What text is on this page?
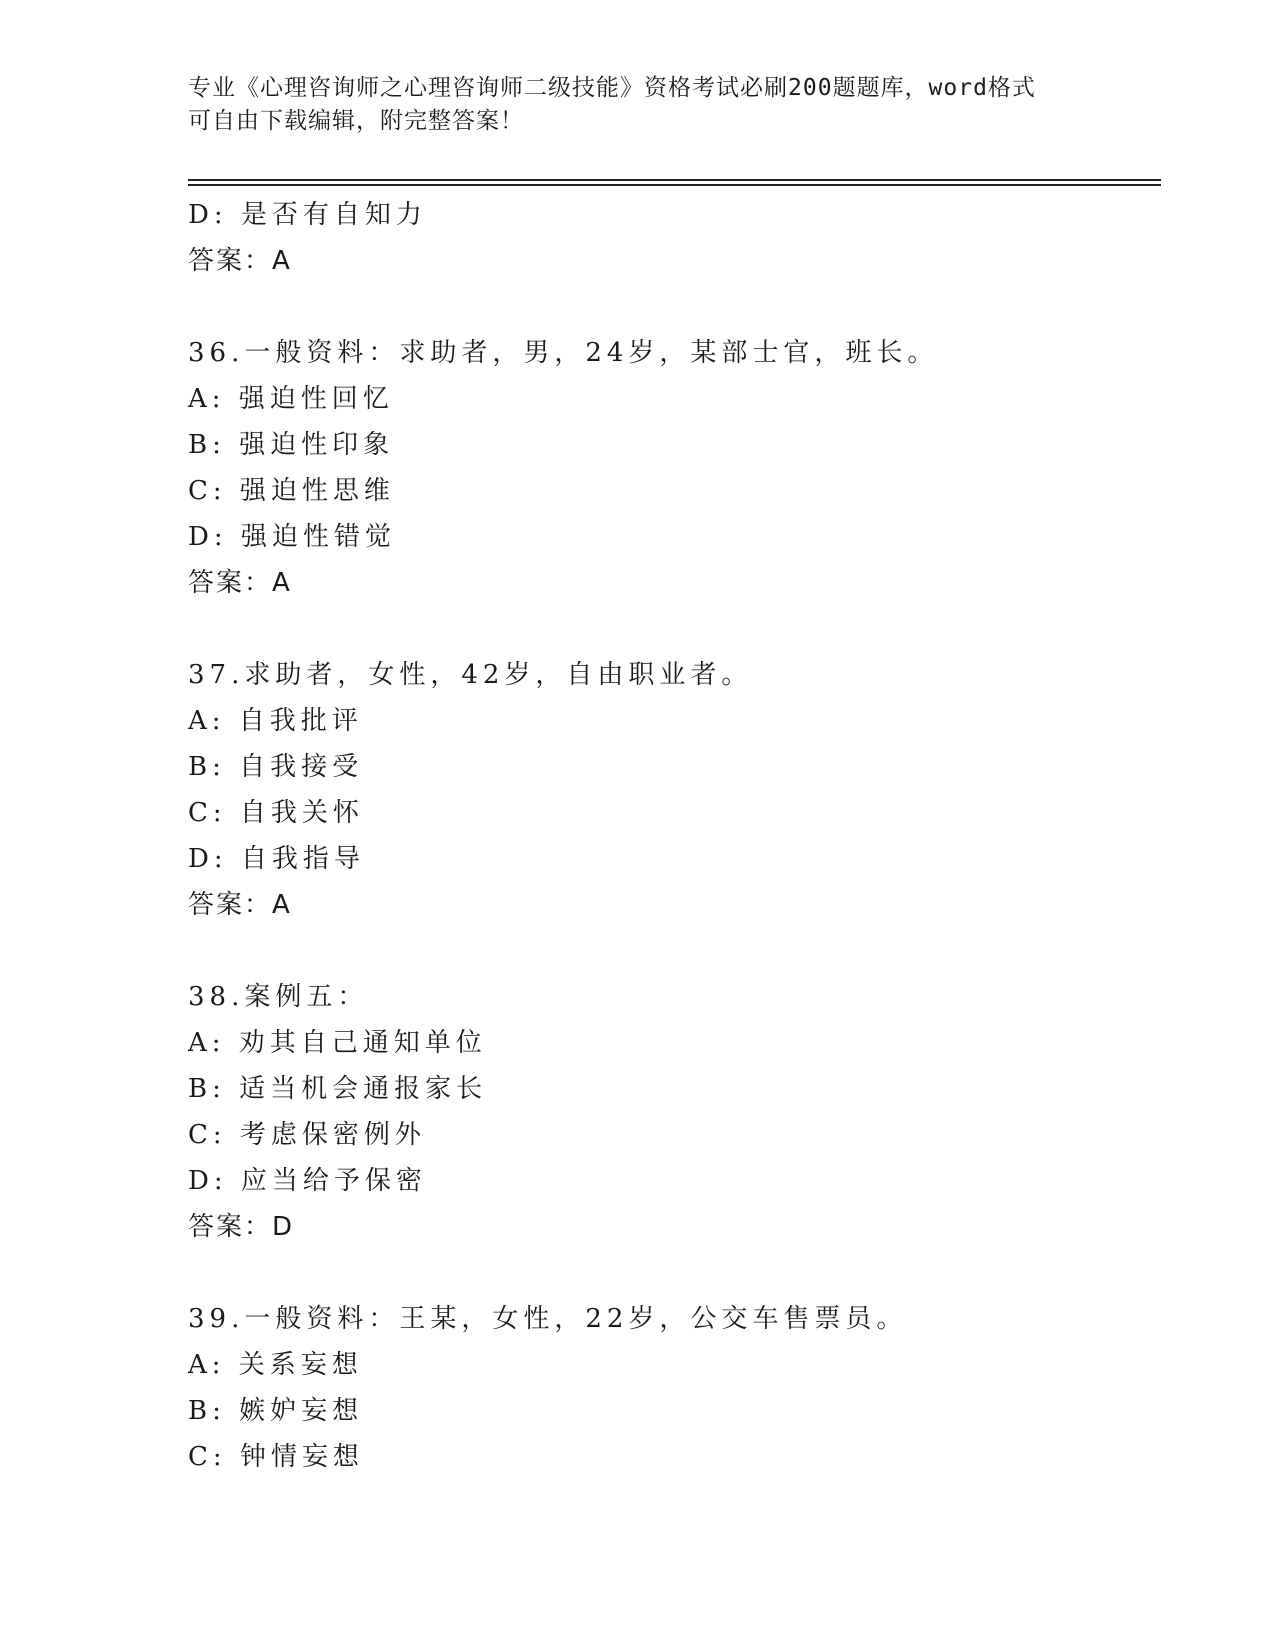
专业《心理咨询师之心理咨询师二级技能》资格考试必刷200题题库，word格式
可自由下载编辑，附完整答案！
D: 是否有自知力
答案：A
36.一般资料：求助者，男，24岁，某部士官，班长。
A: 强迫性回忆
B: 强迫性印象
C: 强迫性思维
D: 强迫性错觉
答案：A
37.求助者，女性，42岁，自由职业者。
A: 自我批评
B: 自我接受
C: 自我关怀
D: 自我指导
答案：A
38.案例五：
A: 劝其自己通知单位
B: 适当机会通报家长
C: 考虑保密例外
D: 应当给予保密
答案：D
39.一般资料：王某，女性，22岁，公交车售票员。
A: 关系妄想
B: 嫉妒妄想
C: 钟情妄想
